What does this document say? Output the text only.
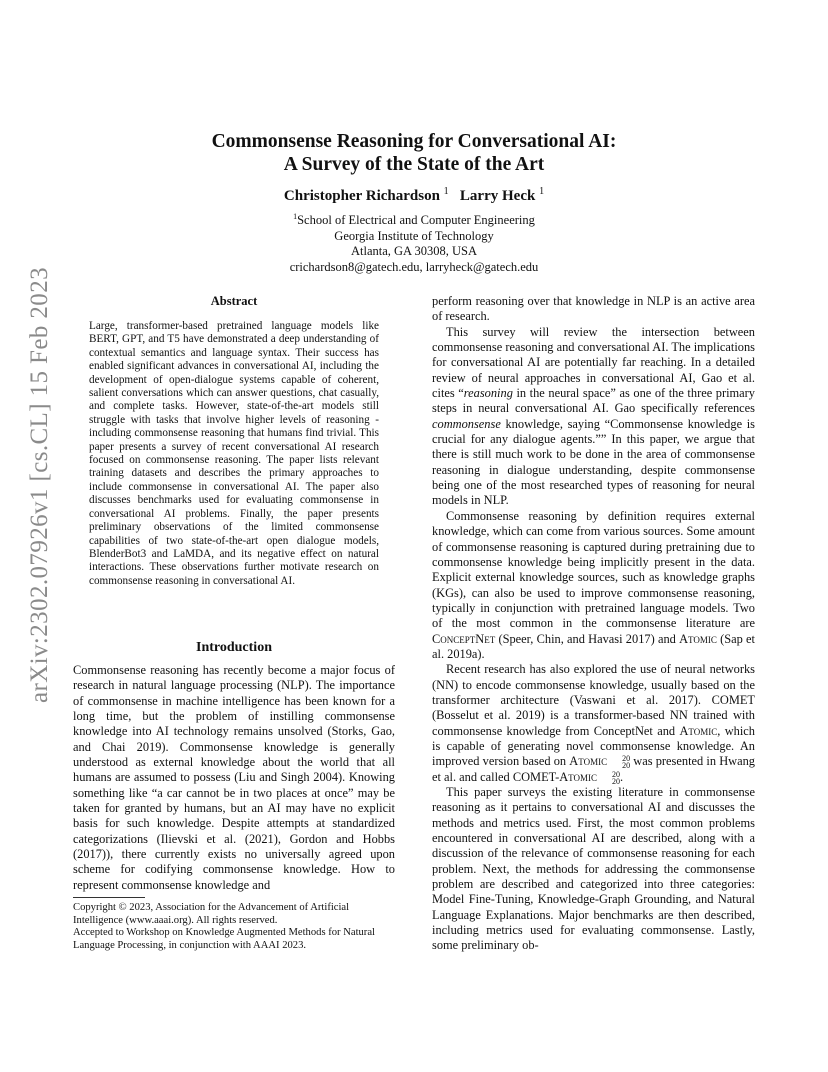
arXiv:2302.07926v1 [cs.CL] 15 Feb 2023
Commonsense Reasoning for Conversational AI:
A Survey of the State of the Art
Christopher Richardson $^1$ Larry Heck $^1$
$^1$School of Electrical and Computer Engineering
Georgia Institute of Technology
Atlanta, GA 30308, USA
crichardson8@gatech.edu, larryheck@gatech.edu
Abstract
Large, transformer-based pretrained language models like BERT, GPT, and T5 have demonstrated a deep understanding of contextual semantics and language syntax. Their success has enabled significant advances in conversational AI, including the development of open-dialogue systems capable of coherent, salient conversations which can answer questions, chat casually, and complete tasks. However, state-of-the-art models still struggle with tasks that involve higher levels of reasoning - including commonsense reasoning that humans find trivial. This paper presents a survey of recent conversational AI research focused on commonsense reasoning. The paper lists relevant training datasets and describes the primary approaches to include commonsense in conversational AI. The paper also discusses benchmarks used for evaluating commonsense in conversational AI problems. Finally, the paper presents preliminary observations of the limited commonsense capabilities of two state-of-the-art open dialogue models, BlenderBot3 and LaMDA, and its negative effect on natural interactions. These observations further motivate research on commonsense reasoning in conversational AI.
Introduction

Commonsense reasoning has recently become a major focus of research in natural language processing (NLP). The importance of commonsense in machine intelligence has been known for a long time, but the problem of instilling commonsense knowledge into AI technology remains unsolved (Storks, Gao, and Chai 2019). Commonsense knowledge is generally understood as external knowledge about the world that all humans are assumed to possess (Liu and Singh 2004). Knowing something like “a car cannot be in two places at once” may be taken for granted by humans, but an AI may have no explicit basis for such knowledge. Despite attempts at standardized categorizations (Ilievski et al. (2021), Gordon and Hobbs (2017)), there currently exists no universally agreed upon scheme for codifying commonsense knowledge. How to represent commonsense knowledge and

Copyright © 2023, Association for the Advancement of Artificial Intelligence (www.aaai.org). All rights reserved.
Accepted to Workshop on Knowledge Augmented Methods for Natural Language Processing, in conjunction with AAAI 2023.

perform reasoning over that knowledge in NLP is an active area of research.

This survey will review the intersection between commonsense reasoning and conversational AI. The implications for conversational AI are potentially far reaching. In a detailed review of neural approaches in conversational AI, Gao et al. cites “reasoning in the neural space” as one of the three primary steps in neural conversational AI. Gao specifically references commonsense knowledge, saying “Commonsense knowledge is crucial for any dialogue agents.”” In this paper, we argue that there is still much work to be done in the area of commonsense reasoning in dialogue understanding, despite commonsense being one of the most researched types of reasoning for neural models in NLP.

Commonsense reasoning by definition requires external knowledge, which can come from various sources. Some amount of commonsense reasoning is captured during pretraining due to commonsense knowledge being implicitly present in the data. Explicit external knowledge sources, such as knowledge graphs (KGs), can also be used to improve commonsense reasoning, typically in conjunction with pretrained language models. Two of the most common in the commonsense literature are ConceptNet (Speer, Chin, and Havasi 2017) and Atomic (Sap et al. 2019a).

Recent research has also explored the use of neural networks (NN) to encode commonsense knowledge, usually based on the transformer architecture (Vaswani et al. 2017). COMET (Bosselut et al. 2019) is a transformer-based NN trained with commonsense knowledge from ConceptNet and Atomic, which is capable of generating novel commonsense knowledge. An improved version based on Atomic	20
20 was presented in Hwang et al. and called COMET-Atomic	20
20 .

This paper surveys the existing literature in commonsense reasoning as it pertains to conversational AI and discusses the methods and metrics used. First, the most common problems encountered in conversational AI are described, along with a discussion of the relevance of commonsense reasoning for each problem. Next, the methods for addressing the commonsense problem are described and categorized into three categories: Model Fine-Tuning, Knowledge-Graph Grounding, and Natural Language Explanations. Major benchmarks are then described, including metrics used for evaluating commonsense. Lastly, some preliminary ob-
